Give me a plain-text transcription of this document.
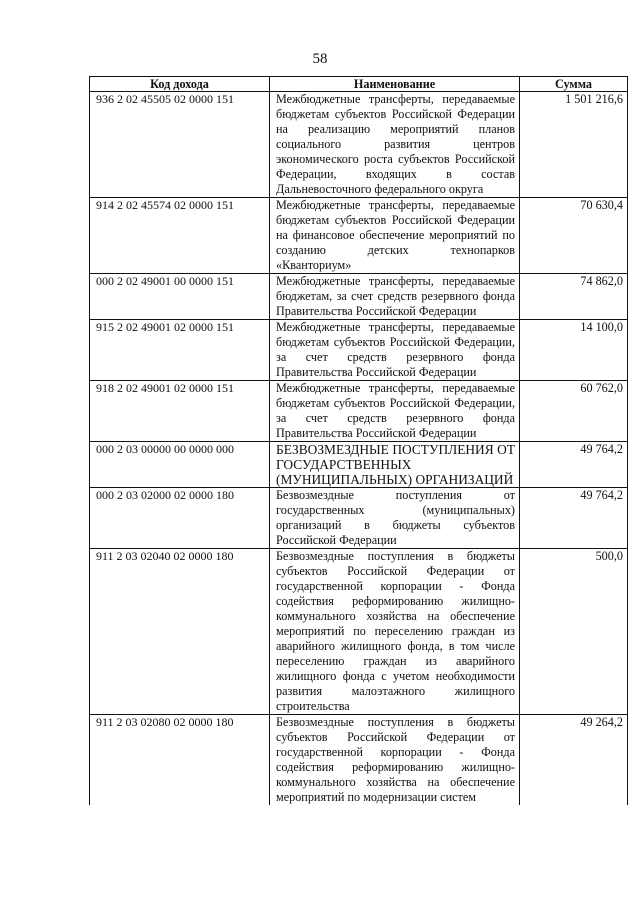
58
Код дохода	Наименование	Сумма
936 2 02 45505 02 0000 151	Межбюджетные трансферты, передаваемые бюджетам субъектов Российской Федерации на реализацию мероприятий планов социального развития центров экономического роста субъектов Российской Федерации, входящих в состав Дальневосточного федерального округа	1 501 216,6
914 2 02 45574 02 0000 151	Межбюджетные трансферты, передаваемые бюджетам субъектов Российской Федерации на финансовое обеспечение мероприятий по созданию детских технопарков «Кванториум»	70 630,4
000 2 02 49001 00 0000 151	Межбюджетные трансферты, передаваемые бюджетам, за счет средств резервного фонда Правительства Российской Федерации	74 862,0
915 2 02 49001 02 0000 151	Межбюджетные трансферты, передаваемые бюджетам субъектов Российской Федерации, за счет средств резервного фонда Правительства Российской Федерации	14 100,0
918 2 02 49001 02 0000 151	Межбюджетные трансферты, передаваемые бюджетам субъектов Российской Федерации, за счет средств резервного фонда Правительства Российской Федерации	60 762,0
000 2 03 00000 00 0000 000	БЕЗВОЗМЕЗДНЫЕ ПОСТУПЛЕНИЯ ОТ ГОСУДАРСТВЕННЫХ (МУНИЦИПАЛЬНЫХ) ОРГАНИЗАЦИЙ	49 764,2
000 2 03 02000 02 0000 180	Безвозмездные поступления от государственных (муниципальных) организаций в бюджеты субъектов Российской Федерации	49 764,2
911 2 03 02040 02 0000 180	Безвозмездные поступления в бюджеты субъектов Российской Федерации от государственной корпорации - Фонда содействия реформированию жилищно-коммунального хозяйства на обеспечение мероприятий по переселению граждан из аварийного жилищного фонда, в том числе переселению граждан из аварийного жилищного фонда с учетом необходимости развития малоэтажного жилищного строительства	500,0
911 2 03 02080 02 0000 180	Безвозмездные поступления в бюджеты субъектов Российской Федерации от государственной корпорации - Фонда содействия реформированию жилищно-коммунального хозяйства на обеспечение мероприятий по модернизации систем	49 264,2
